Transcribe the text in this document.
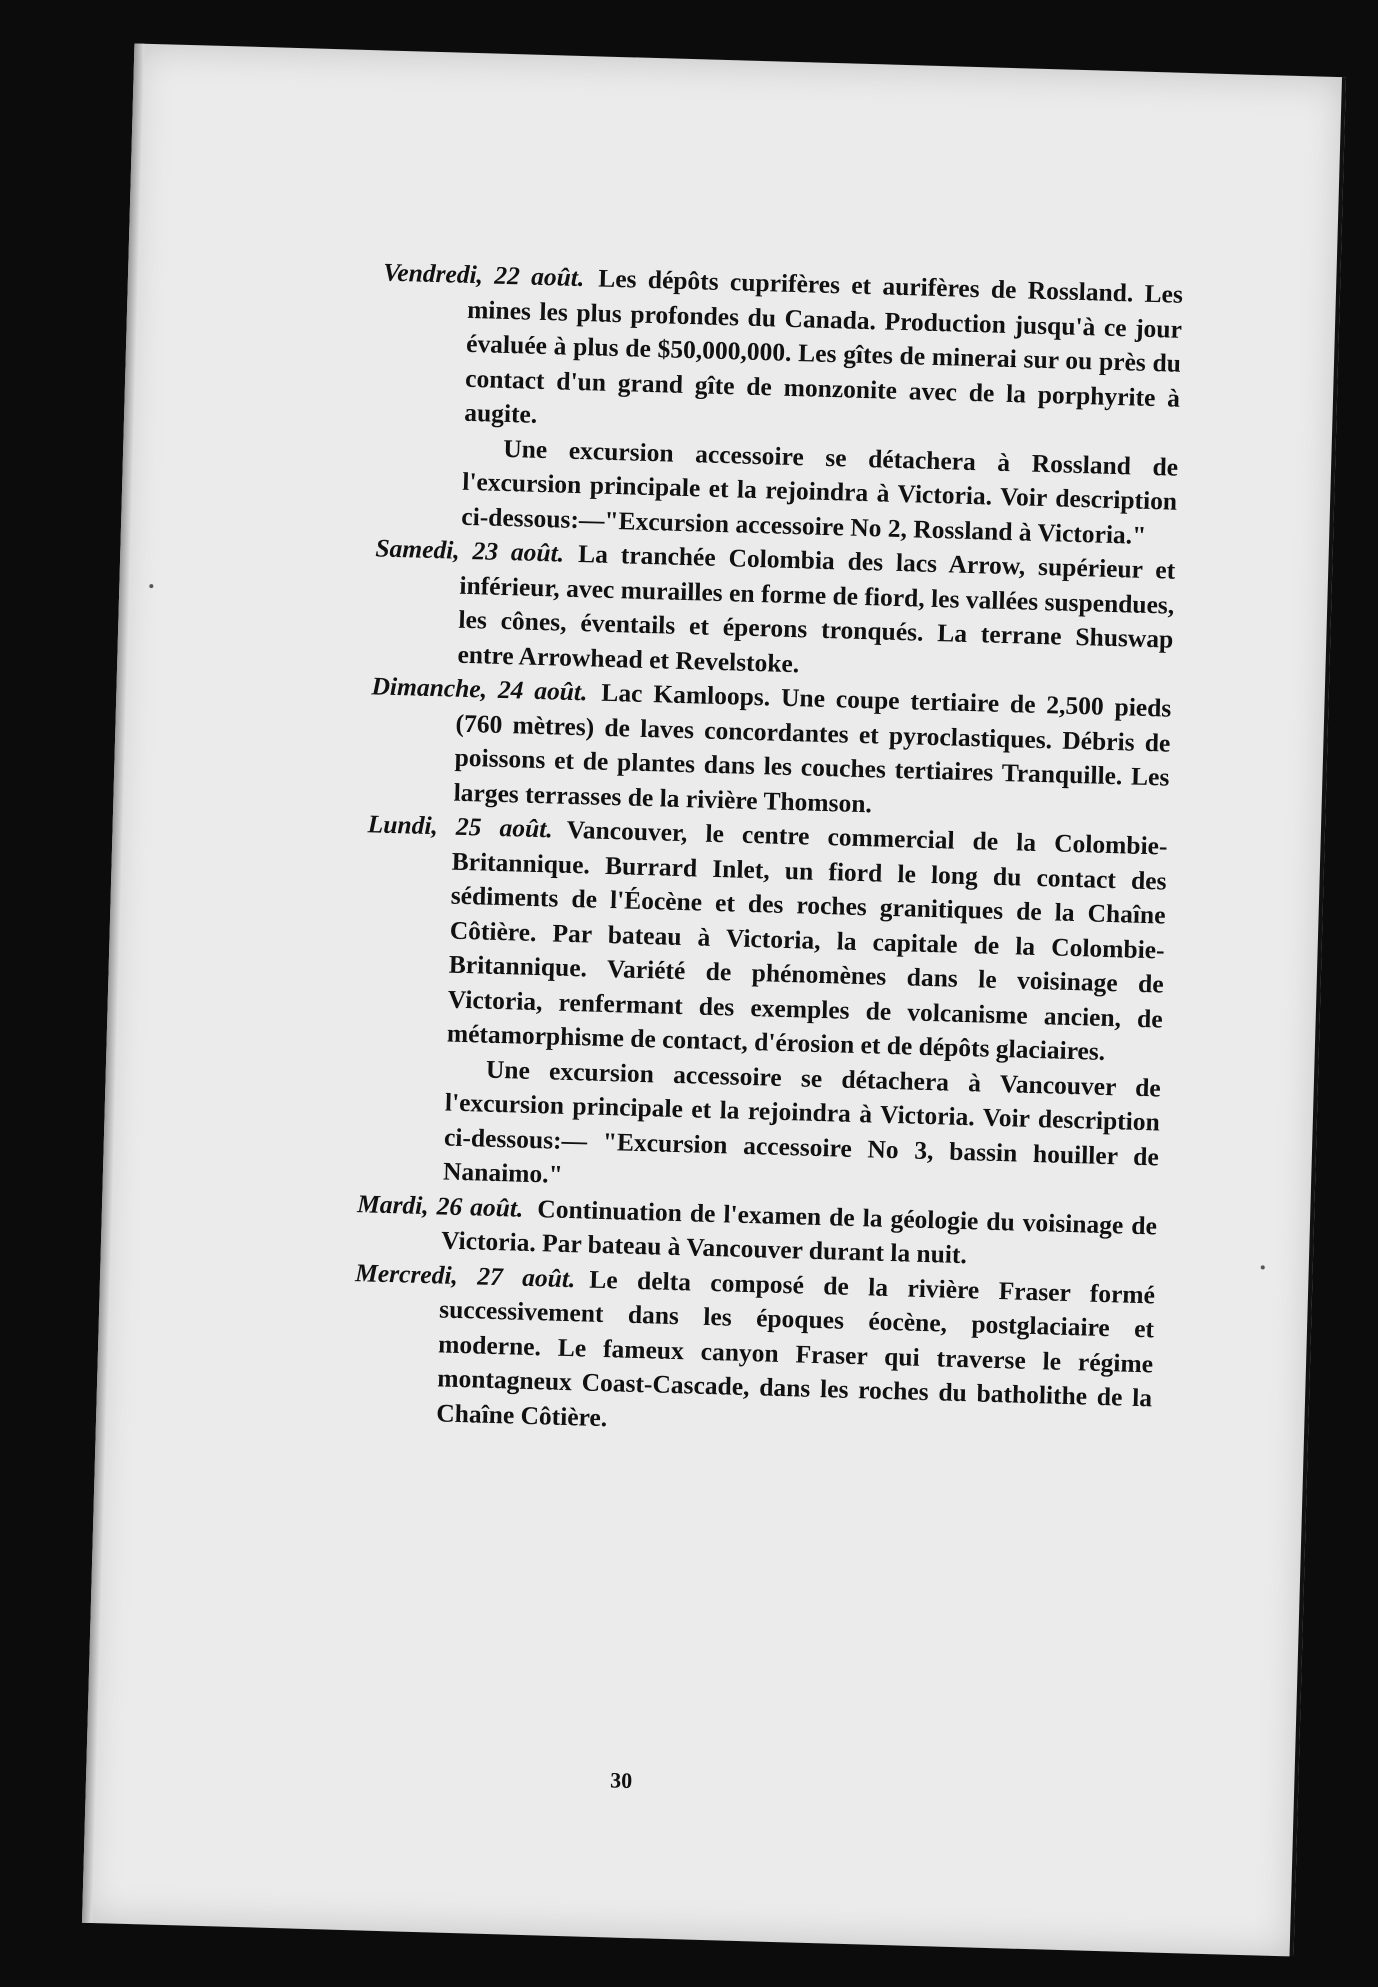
Vendredi, 22 août. Les dépôts cuprifères et aurifères de Rossland. Les mines les plus profondes du Canada. Production jusqu'à ce jour évaluée à plus de $50,000,000. Les gîtes de minerai sur ou près du contact d'un grand gîte de monzonite avec de la porphyrite à augite.

Une excursion accessoire se détachera à Rossland de l'excursion principale et la rejoindra à Victoria. Voir description ci-dessous:—"Excursion accessoire No 2, Rossland à Victoria."

Samedi, 23 août. La tranchée Colombia des lacs Arrow, supérieur et inférieur, avec murailles en forme de fiord, les vallées suspendues, les cônes, éventails et éperons tronqués. La terrane Shuswap entre Arrowhead et Revelstoke.

Dimanche, 24 août. Lac Kamloops. Une coupe tertiaire de 2,500 pieds (760 mètres) de laves concordantes et pyroclastiques. Débris de poissons et de plantes dans les couches tertiaires Tranquille. Les larges terrasses de la rivière Thomson.

Lundi, 25 août. Vancouver, le centre commercial de la Colombie-Britannique. Burrard Inlet, un fiord le long du contact des sédiments de l'Éocène et des roches granitiques de la Chaîne Côtière. Par bateau à Victoria, la capitale de la Colombie-Britannique. Variété de phénomènes dans le voisinage de Victoria, renfermant des exemples de volcanisme ancien, de métamorphisme de contact, d'érosion et de dépôts glaciaires.

Une excursion accessoire se détachera à Vancouver de l'excursion principale et la rejoindra à Victoria. Voir description ci-dessous:— "Excursion accessoire No 3, bassin houiller de Nanaimo."

Mardi, 26 août. Continuation de l'examen de la géologie du voisinage de Victoria. Par bateau à Vancouver durant la nuit.

Mercredi, 27 août. Le delta composé de la rivière Fraser formé successivement dans les époques éocène, postglaciaire et moderne. Le fameux canyon Fraser qui traverse le régime montagneux Coast-Cascade, dans les roches du batholithe de la Chaîne Côtière.

30
